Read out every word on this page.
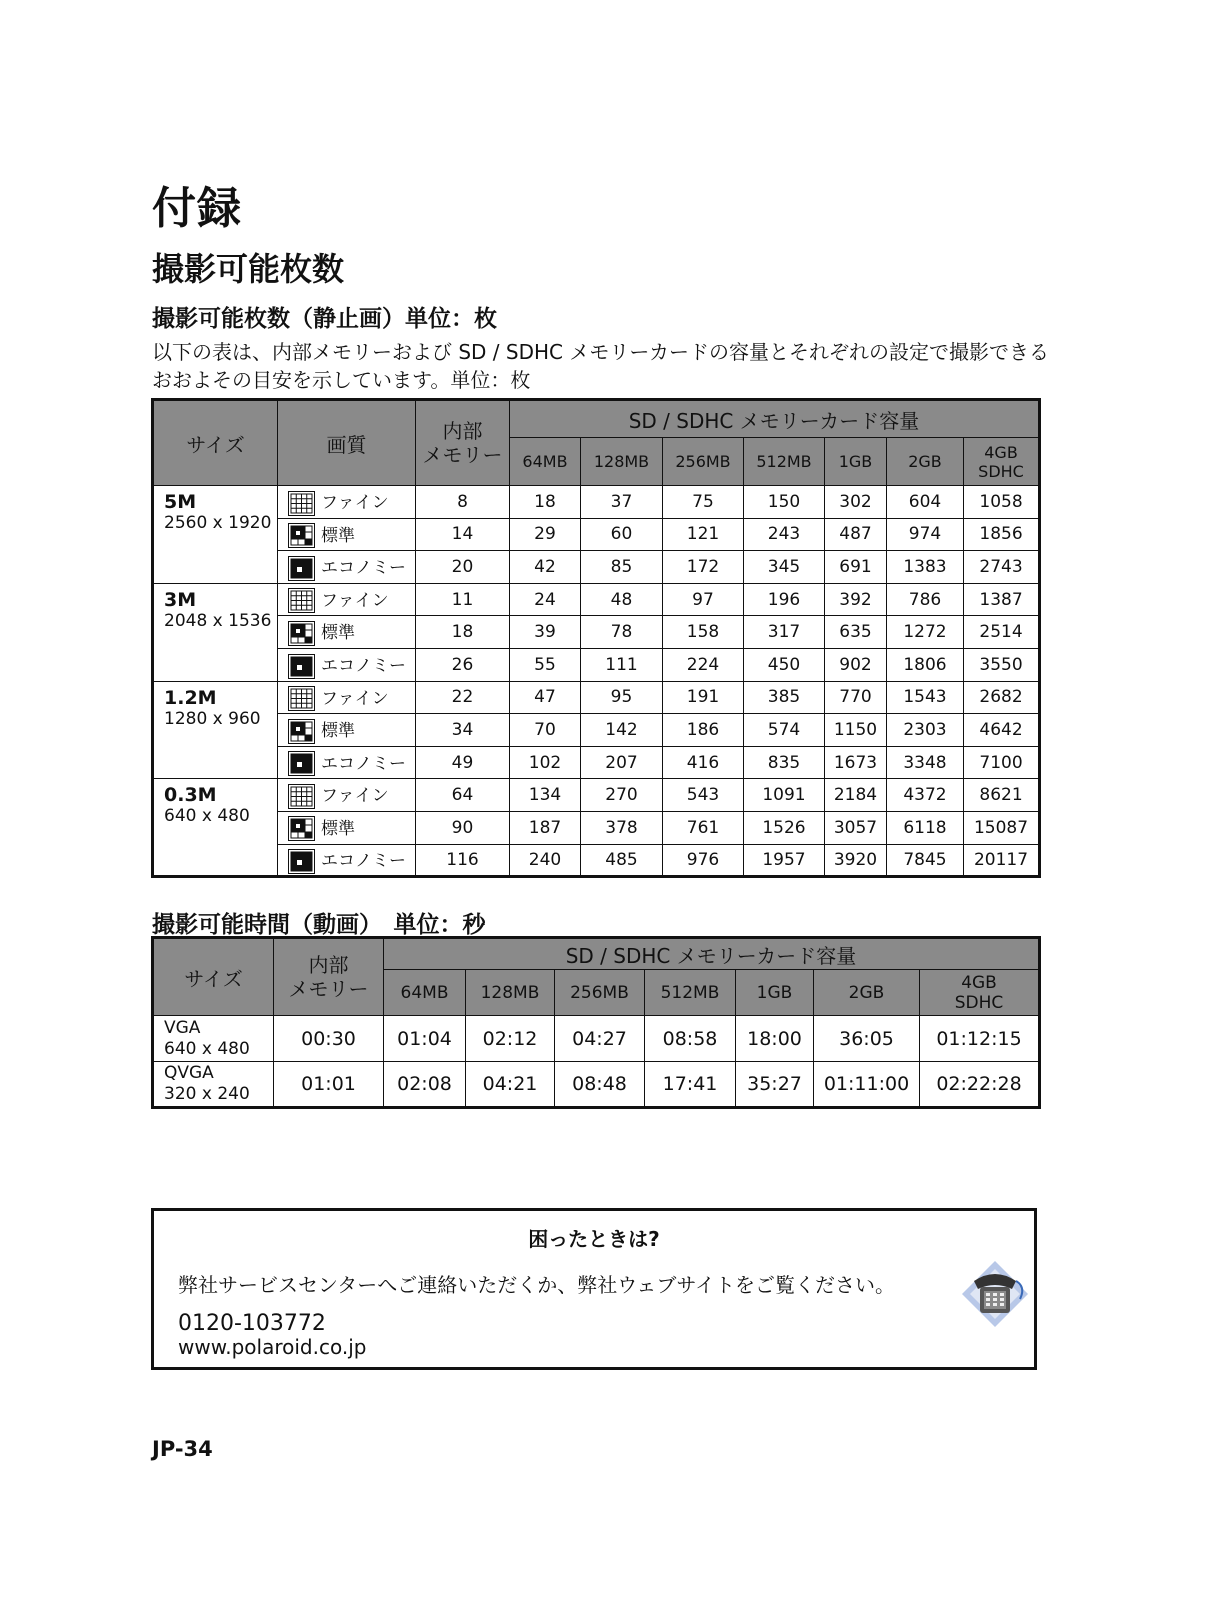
付録
撮影可能枚数
撮影可能枚数（静止画）単位：枚
以下の表は、内部メモリーおよび SD / SDHC メモリーカードの容量とそれぞれの設定で撮影できるおおよその目安を示しています。単位：枚
サイズ	画質	内部
メモリー	SD / SDHC メモリーカード容量						
			64MB	128MB	256MB	512MB	1GB	2GB	4GB
SDHC

5M
2560 x 1920	ファイン	8	18	37	75	150	302	604	1058
	標準	14	29	60	121	243	487	974	1856
	エコノミー	20	42	85	172	345	691	1383	2743

3M
2048 x 1536	ファイン	11	24	48	97	196	392	786	1387
	標準	18	39	78	158	317	635	1272	2514
	エコノミー	26	55	111	224	450	902	1806	3550

1.2M
1280 x 960	ファイン	22	47	95	191	385	770	1543	2682
	標準	34	70	142	186	574	1150	2303	4642
	エコノミー	49	102	207	416	835	1673	3348	7100

0.3M
640 x 480	ファイン	64	134	270	543	1091	2184	4372	8621
	標準	90	187	378	761	1526	3057	6118	15087
	エコノミー	116	240	485	976	1957	3920	7845	20117
撮影可能時間（動画）　単位：秒
サイズ	内部
メモリー	SD / SDHC メモリーカード容量						
		64MB	128MB	256MB	512MB	1GB	2GB	4GB
SDHC

VGA
640 x 480	00:30	01:04	02:12	04:27	08:58	18:00	36:05	01:12:15

QVGA
320 x 240	01:01	02:08	04:21	08:48	17:41	35:27	01:11:00	02:22:28
困ったときは?
弊社サービスセンターへご連絡いただくか、弊社ウェブサイトをご覧ください。
0120-103772
www.polaroid.co.jp
JP-34
